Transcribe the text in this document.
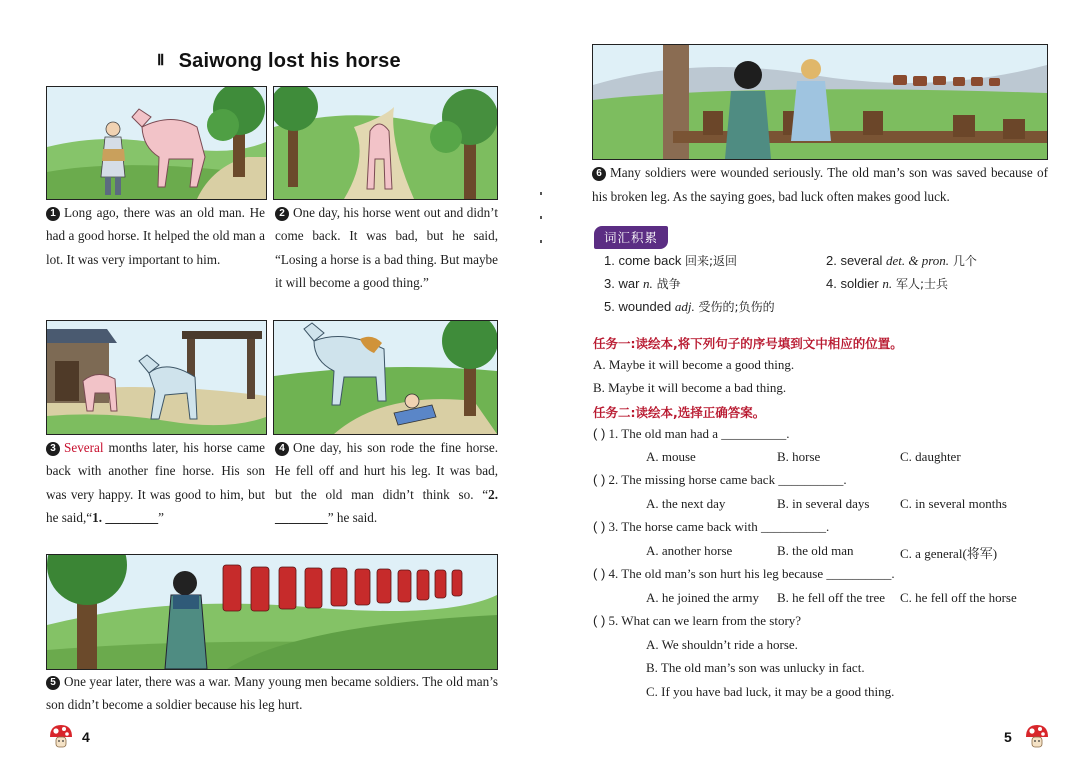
Ⅱ Saiwong lost his horse
1 Long ago, there was an old man. He had a good horse. It helped the old man a lot. It was very important to him.
2 One day, his horse went out and didn’t come back. It was bad, but he said, “Losing a horse is a bad thing. But maybe it will become a good thing.”
3 Several months later, his horse came back with another fine horse. His son was very happy. It was good to him, but he said,“1. ________”
4 One day, his son rode the fine horse. He fell off and hurt his leg. It was bad, but the old man didn’t think so. “2. ________” he said.
5 One year later, there was a war. Many young men became soldiers. The old man’s son didn’t become a soldier because his leg hurt.
4
6 Many soldiers were wounded seriously. The old man’s son was saved because of his broken leg. As the saying goes, bad luck often makes good luck.
词汇积累
1. come back 回来;返回	2. several det. & pron. 几个
3. war n. 战争	4. soldier n. 军人;士兵
5. wounded adj. 受伤的;负伤的
任务一:读绘本,将下列句子的序号填到文中相应的位置。
A. Maybe it will become a good thing.
B. Maybe it will become a bad thing.
任务二:读绘本,选择正确答案。
( ) 1. The old man had a __________.
A. mouse	B. horse	C. daughter
( ) 2. The missing horse came back __________.
A. the next day	B. in several days C. in several months
( ) 3. The horse came back with __________.
A. another horse	B. the old man	C. a general(将军)
( ) 4. The old man’s son hurt his leg because __________.
A. he joined the army B. he fell off the tree C. he fell off the horse
( ) 5. What can we learn from the story?
A. We shouldn’t ride a horse.
B. The old man’s son was unlucky in fact.
C. If you have bad luck, it may be a good thing.
5
